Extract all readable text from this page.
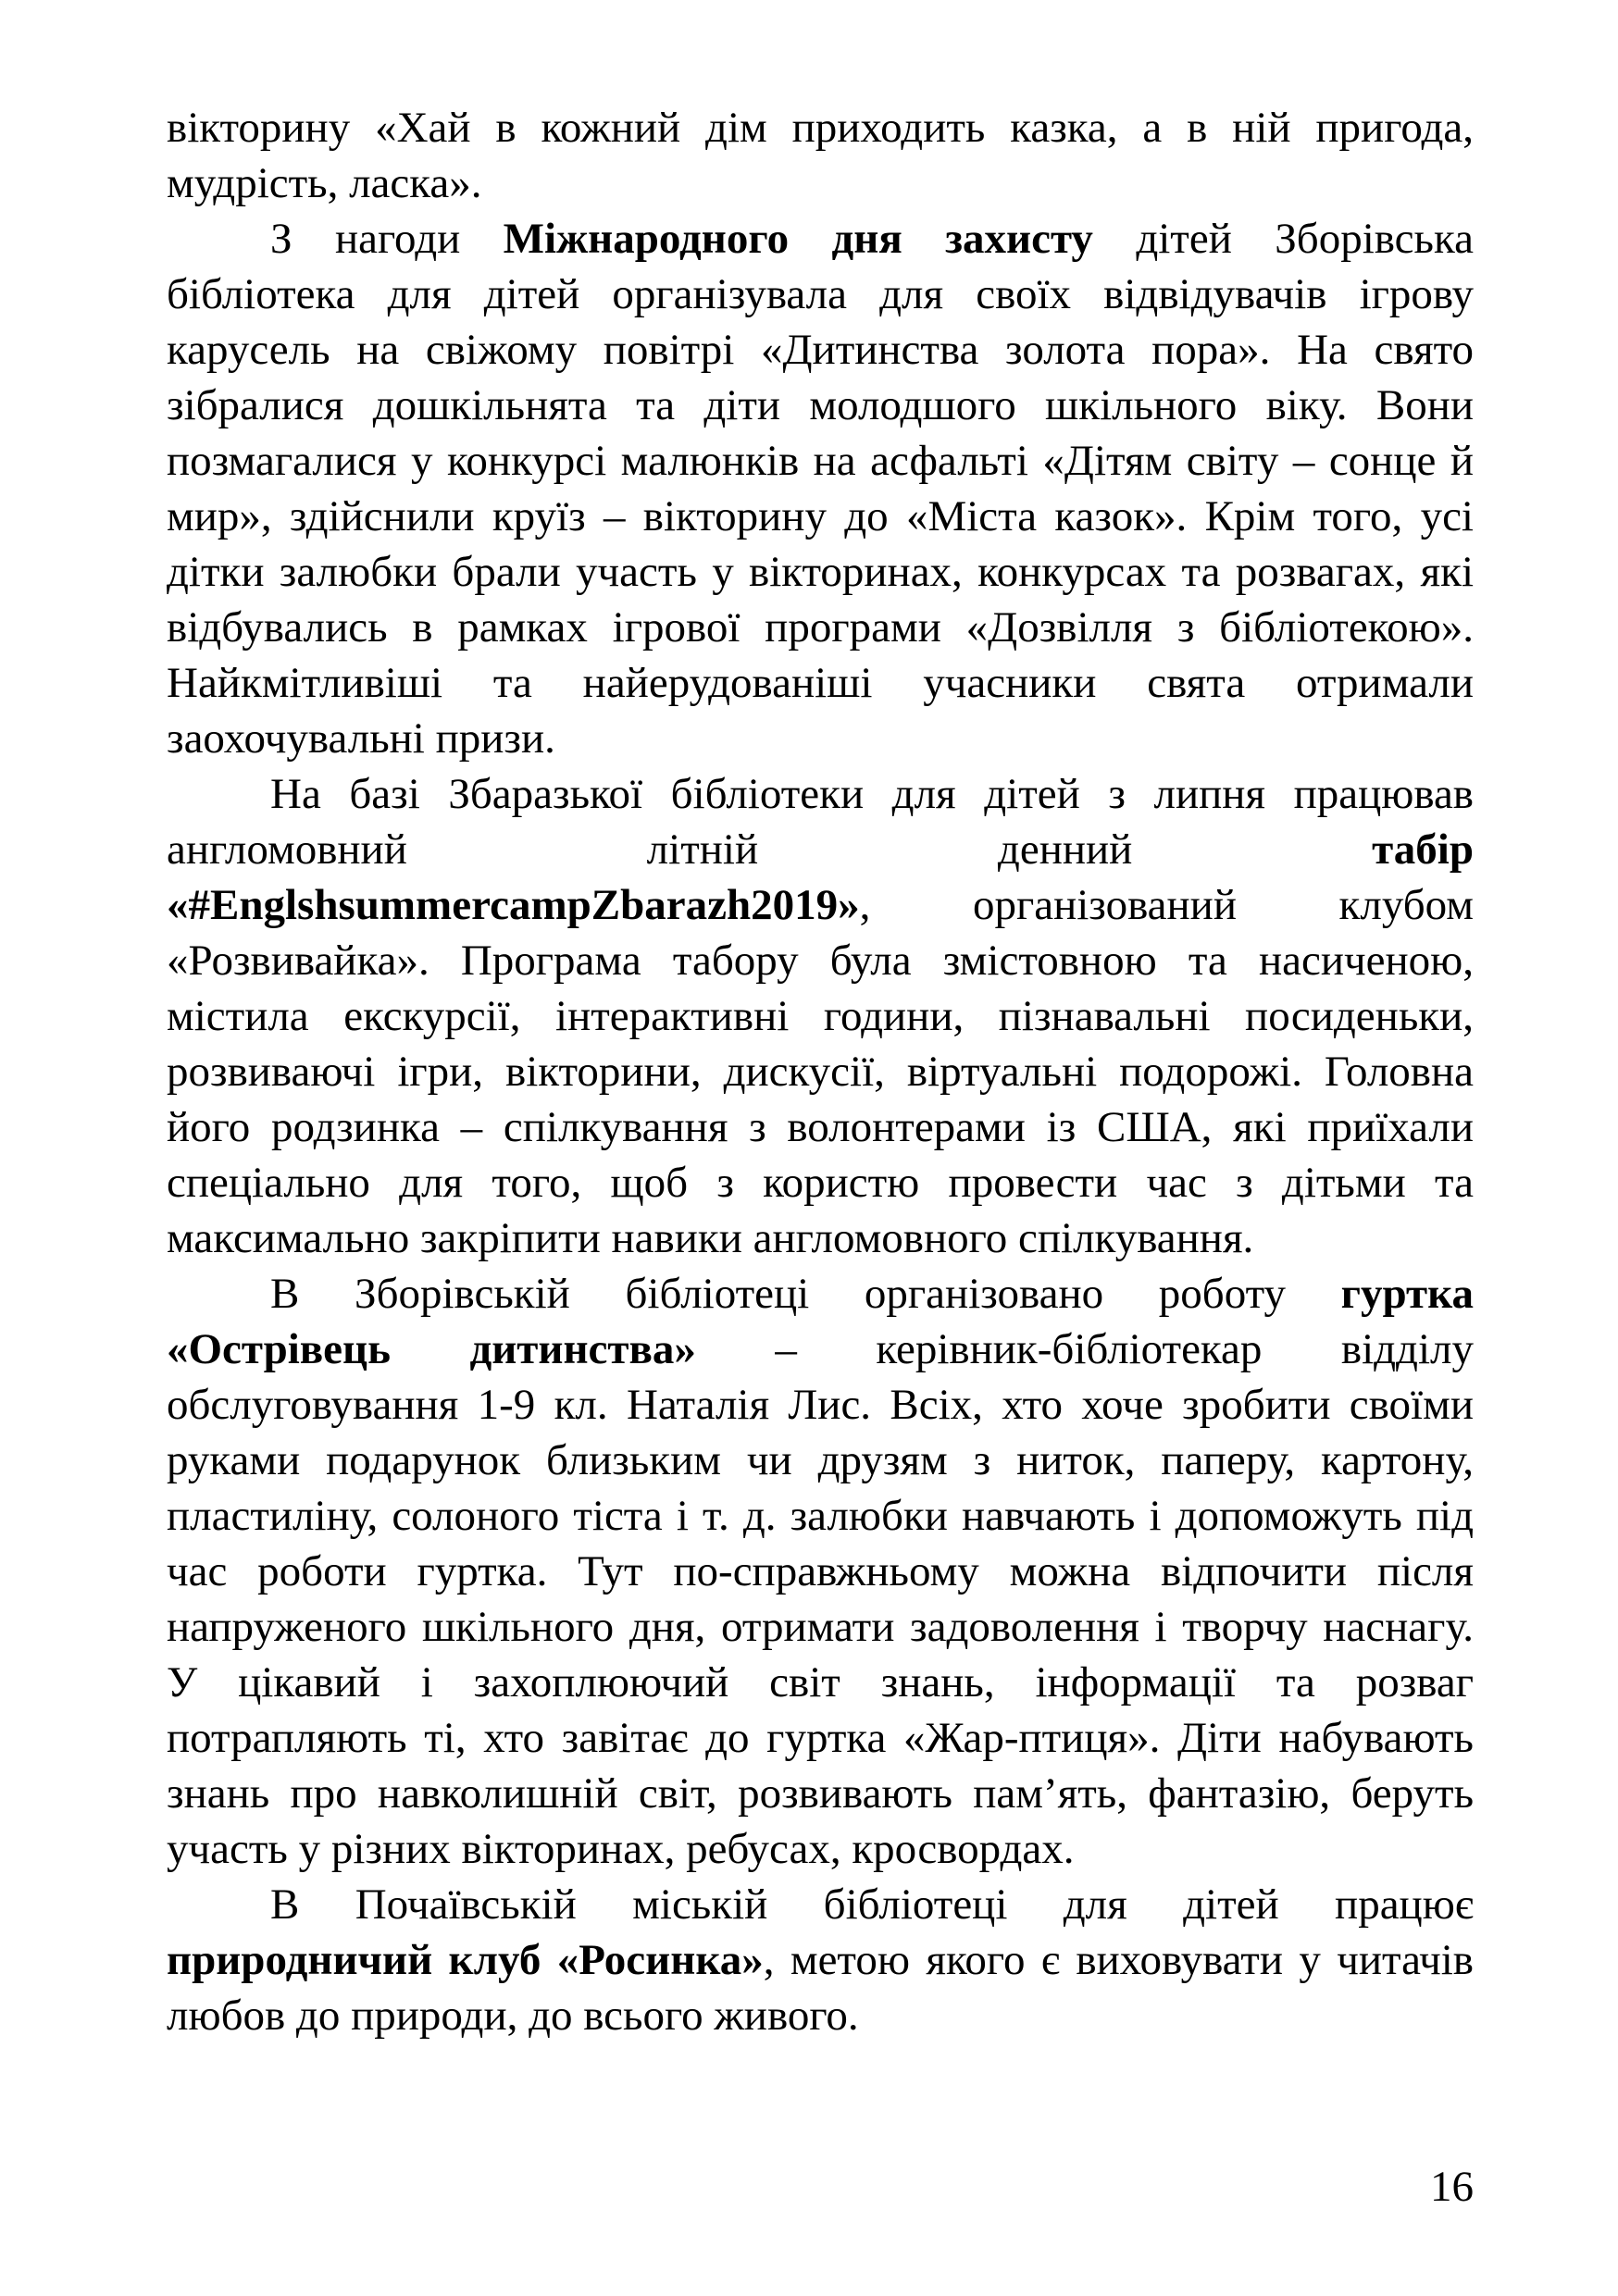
вікторину «Хай в кожний дім приходить казка, а в ній пригода, мудрість, ласка».

З нагоди Міжнародного дня захисту дітей Зборівська бібліотека для дітей організувала для своїх відвідувачів ігрову карусель на свіжому повітрі «Дитинства золота пора». На свято зібралися дошкільнята та діти молодшого шкільного віку. Вони позмагалися у конкурсі малюнків на асфальті «Дітям світу – сонце й мир», здійснили круїз – вікторину до «Міста казок». Крім того, усі дітки залюбки брали участь у вікторинах, конкурсах та розвагах, які відбувались в рамках ігрової програми «Дозвілля з бібліотекою». Найкмітливіші та найерудованіші учасники свята отримали заохочувальні призи.

На базі Збаразької бібліотеки для дітей з липня працював англомовний літній денний табір «#EnglshsummercampZbarazh2019», організований клубом «Розвивайка». Програма табору була змістовною та насиченою, містила екскурсії, інтерактивні години, пізнавальні посиденьки, розвиваючі ігри, вікторини, дискусії, віртуальні подорожі. Головна його родзинка – спілкування з волонтерами із США, які приїхали спеціально для того, щоб з користю провести час з дітьми та максимально закріпити навики англомовного спілкування.

В Зборівській бібліотеці організовано роботу гуртка «Острівець дитинства» – керівник-бібліотекар відділу обслуговування 1-9 кл. Наталія Лис. Всіх, хто хоче зробити своїми руками подарунок близьким чи друзям з ниток, паперу, картону, пластиліну, солоного тіста і т. д. залюбки навчають і допоможуть під час роботи гуртка. Тут по-справжньому можна відпочити після напруженого шкільного дня, отримати задоволення і творчу наснагу. У цікавий і захоплюючий світ знань, інформації та розваг потрапляють ті, хто завітає до гуртка «Жар-птиця». Діти набувають знань про навколишній світ, розвивають пам’ять, фантазію, беруть участь у різних вікторинах, ребусах, кросвордах.

В Почаївській міській бібліотеці для дітей працює природничий клуб «Росинка», метою якого є виховувати у читачів любов до природи, до всього живого.

16
